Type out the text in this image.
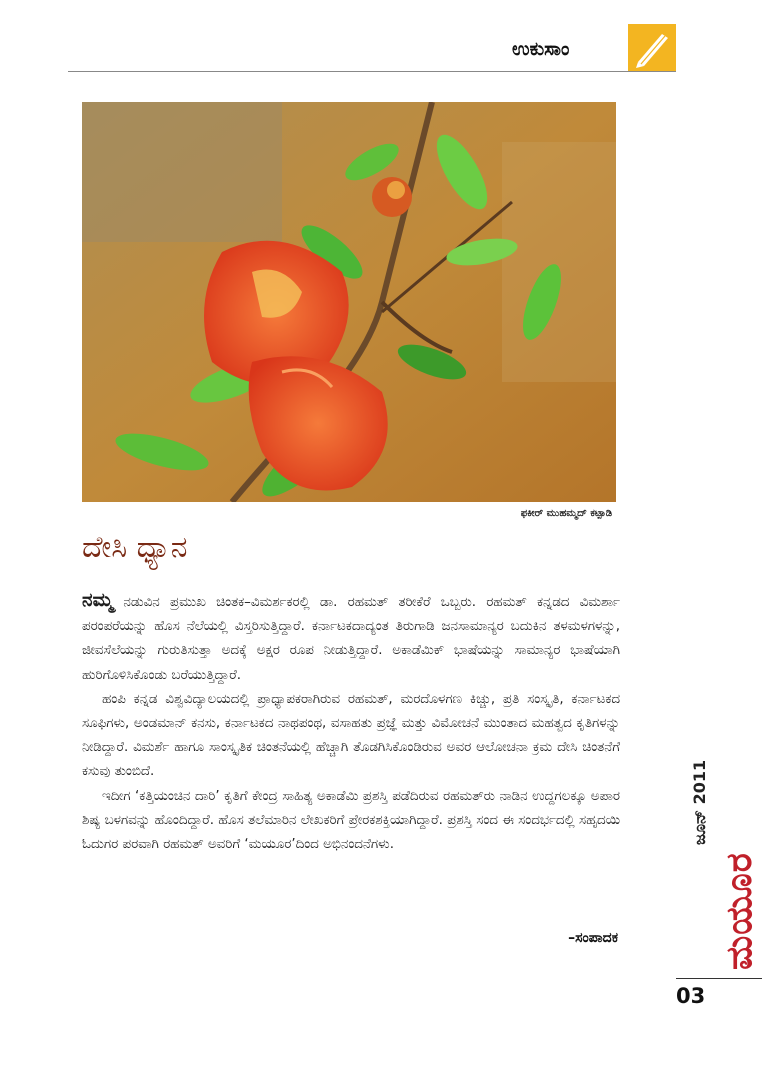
ಉಕುಸಾಂ
ಫಕೀರ್ ಮುಹಮ್ಮದ್ ಕಟ್ಪಾಡಿ
ದೇಸಿ ಧ್ಯಾನ

ನಮ್ಮ ನಡುವಿನ ಪ್ರಮುಖ ಚಿಂತಕ–ವಿಮರ್ಶಕರಲ್ಲಿ ಡಾ. ರಹಮತ್ ತರೀಕೆರೆ ಒಬ್ಬರು. ರಹಮತ್ ಕನ್ನಡದ ವಿಮರ್ಶಾ ಪರಂಪರೆಯನ್ನು ಹೊಸ ನೆಲೆಯಲ್ಲಿ ವಿಸ್ತರಿಸುತ್ತಿದ್ದಾರೆ. ಕರ್ನಾಟಕದಾದ್ಯಂತ ತಿರುಗಾಡಿ ಜನಸಾಮಾನ್ಯರ ಬದುಕಿನ ತಳಮಳಗಳನ್ನು, ಜೀವಸೆಲೆಯನ್ನು ಗುರುತಿಸುತ್ತಾ ಅದಕ್ಕೆ ಅಕ್ಷರ ರೂಪ ನೀಡುತ್ತಿದ್ದಾರೆ. ಅಕಾಡೆಮಿಕ್ ಭಾಷೆಯನ್ನು ಸಾಮಾನ್ಯರ ಭಾಷೆಯಾಗಿ ಹುರಿಗೊಳಿಸಿಕೊಂಡು ಬರೆಯುತ್ತಿದ್ದಾರೆ.

ಹಂಪಿ ಕನ್ನಡ ವಿಶ್ವವಿದ್ಯಾಲಯದಲ್ಲಿ ಪ್ರಾಧ್ಯಾಪಕರಾಗಿರುವ ರಹಮತ್, ಮರದೊಳಗಣ ಕಿಚ್ಚು, ಪ್ರತಿ ಸಂಸ್ಕೃತಿ, ಕರ್ನಾಟಕದ ಸೂಫಿಗಳು, ಅಂಡಮಾನ್ ಕನಸು, ಕರ್ನಾಟಕದ ನಾಥಪಂಥ, ವಸಾಹತು ಪ್ರಜ್ಞೆ ಮತ್ತು ವಿಮೋಚನೆ ಮುಂತಾದ ಮಹತ್ವದ ಕೃತಿಗಳನ್ನು ನೀಡಿದ್ದಾರೆ. ವಿಮರ್ಶೆ ಹಾಗೂ ಸಾಂಸ್ಕೃತಿಕ ಚಿಂತನೆಯಲ್ಲಿ ಹೆಚ್ಚಾಗಿ ತೊಡಗಿಸಿಕೊಂಡಿರುವ ಅವರ ಆಲೋಚನಾ ಕ್ರಮ ದೇಸಿ ಚಿಂತನೆಗೆ ಕಸುವು ತುಂಬಿದೆ.

ಇದೀಗ ‘ಕತ್ತಿಯಂಚಿನ ದಾರಿ’ ಕೃತಿಗೆ ಕೇಂದ್ರ ಸಾಹಿತ್ಯ ಅಕಾಡೆಮಿ ಪ್ರಶಸ್ತಿ ಪಡೆದಿರುವ ರಹಮತ್‌ರು ನಾಡಿನ ಉದ್ದಗಲಕ್ಕೂ ಅಪಾರ ಶಿಷ್ಯ ಬಳಗವನ್ನು ಹೊಂದಿದ್ದಾರೆ. ಹೊಸ ತಲೆಮಾರಿನ ಲೇಖಕರಿಗೆ ಪ್ರೇರಕಶಕ್ತಿಯಾಗಿದ್ದಾರೆ. ಪ್ರಶಸ್ತಿ ಸಂದ ಈ ಸಂದರ್ಭದಲ್ಲಿ ಸಹೃದಯಿ ಓದುಗರ ಪರವಾಗಿ ರಹಮತ್ ಅವರಿಗೆ ‘ಮಯೂರ’ದಿಂದ ಅಭಿನಂದನೆಗಳು.

–ಸಂಪಾದಕ
ಜೂನ್ 2011
ಮಯೂರ
03
